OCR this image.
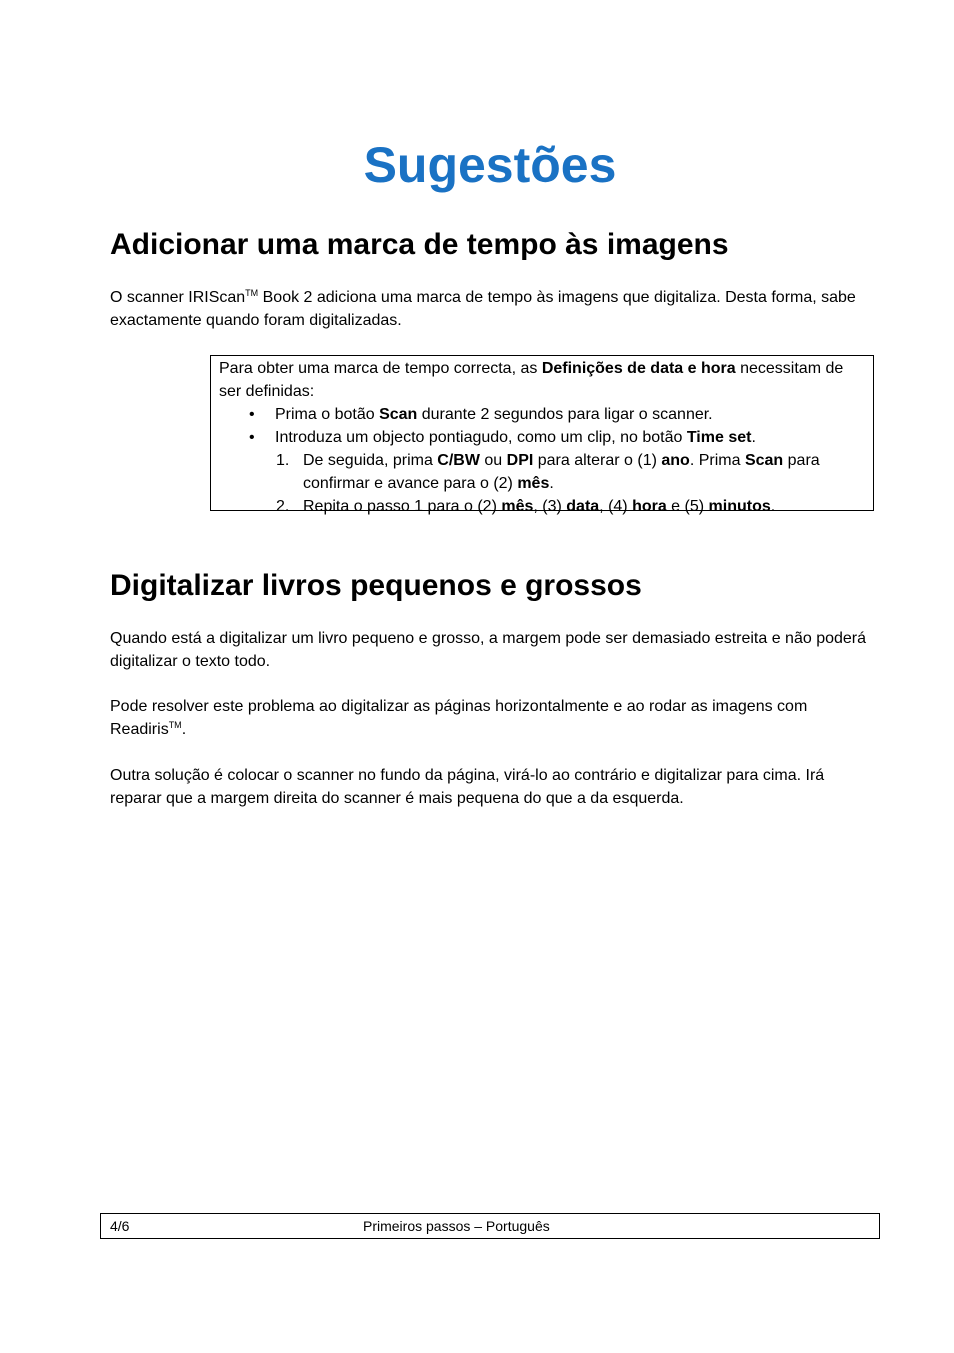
Sugestões
Adicionar uma marca de tempo às imagens
O scanner IRIScan™ Book 2 adiciona uma marca de tempo às imagens que digitaliza. Desta forma, sabe exactamente quando foram digitalizadas.
Para obter uma marca de tempo correcta, as Definições de data e hora necessitam de ser definidas:
• Prima o botão Scan durante 2 segundos para ligar o scanner.
• Introduza um objecto pontiagudo, como um clip, no botão Time set.
1. De seguida, prima C/BW ou DPI para alterar o (1) ano. Prima Scan para confirmar e avance para o (2) mês.
2. Repita o passo 1 para o (2) mês, (3) data, (4) hora e (5) minutos.
Digitalizar livros pequenos e grossos
Quando está a digitalizar um livro pequeno e grosso, a margem pode ser demasiado estreita e não poderá digitalizar o texto todo.
Pode resolver este problema ao digitalizar as páginas horizontalmente e ao rodar as imagens com Readiris™.
Outra solução é colocar o scanner no fundo da página, virá-lo ao contrário e digitalizar para cima. Irá reparar que a margem direita do scanner é mais pequena do que a da esquerda.
4/6	Primeiros passos – Português
